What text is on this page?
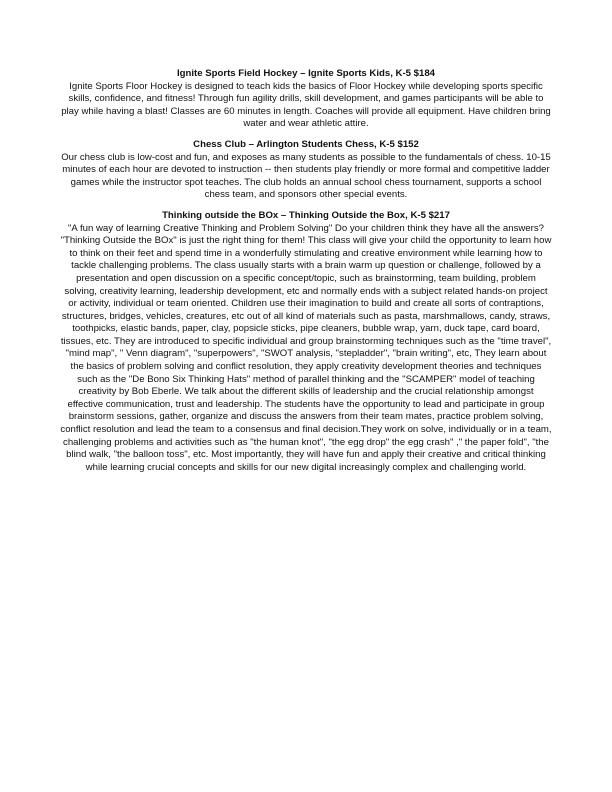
Ignite Sports Field Hockey – Ignite Sports Kids, K-5 $184

Ignite Sports Floor Hockey is designed to teach kids the basics of Floor Hockey while developing sports specific skills, confidence, and fitness! Through fun agility drills, skill development, and games participants will be able to play while having a blast! Classes are 60 minutes in length. Coaches will provide all equipment. Have children bring water and wear athletic attire.

Chess Club – Arlington Students Chess, K-5 $152

Our chess club is low-cost and fun, and exposes as many students as possible to the fundamentals of chess. 10-15 minutes of each hour are devoted to instruction -- then students play friendly or more formal and competitive ladder games while the instructor spot teaches. The club holds an annual school chess tournament, supports a school chess team, and sponsors other special events.

Thinking outside the BOx – Thinking Outside the Box, K-5 $217

"A fun way of learning Creative Thinking and Problem Solving" Do your children think they have all the answers? "Thinking Outside the BOx" is just the right thing for them! This class will give your child the opportunity to learn how to think on their feet and spend time in a wonderfully stimulating and creative environment while learning how to tackle challenging problems. The class usually starts with a brain warm up question or challenge, followed by a presentation and open discussion on a specific concept/topic, such as brainstorming, team building, problem solving, creativity learning, leadership development, etc and normally ends with a subject related hands-on project or activity, individual or team oriented. Children use their imagination to build and create all sorts of contraptions, structures, bridges, vehicles, creatures, etc out of all kind of materials such as pasta, marshmallows, candy, straws, toothpicks, elastic bands, paper, clay, popsicle sticks, pipe cleaners, bubble wrap, yarn, duck tape, card board, tissues, etc. They are introduced to specific individual and group brainstorming techniques such as the "time travel", "mind map", " Venn diagram", "superpowers", "SWOT analysis, "stepladder", "brain writing", etc, They learn about the basics of problem solving and conflict resolution, they apply creativity development theories and techniques such as the "De Bono Six Thinking Hats" method of parallel thinking and the "SCAMPER" model of teaching creativity by Bob Eberle. We talk about the different skills of leadership and the crucial relationship amongst effective communication, trust and leadership. The students have the opportunity to lead and participate in group brainstorm sessions, gather, organize and discuss the answers from their team mates, practice problem solving, conflict resolution and lead the team to a consensus and final decision.They work on solve, individually or in a team, challenging problems and activities such as "the human knot", "the egg drop" the egg crash" ," the paper fold", "the blind walk, "the balloon toss", etc. Most importantly, they will have fun and apply their creative and critical thinking while learning crucial concepts and skills for our new digital increasingly complex and challenging world.
